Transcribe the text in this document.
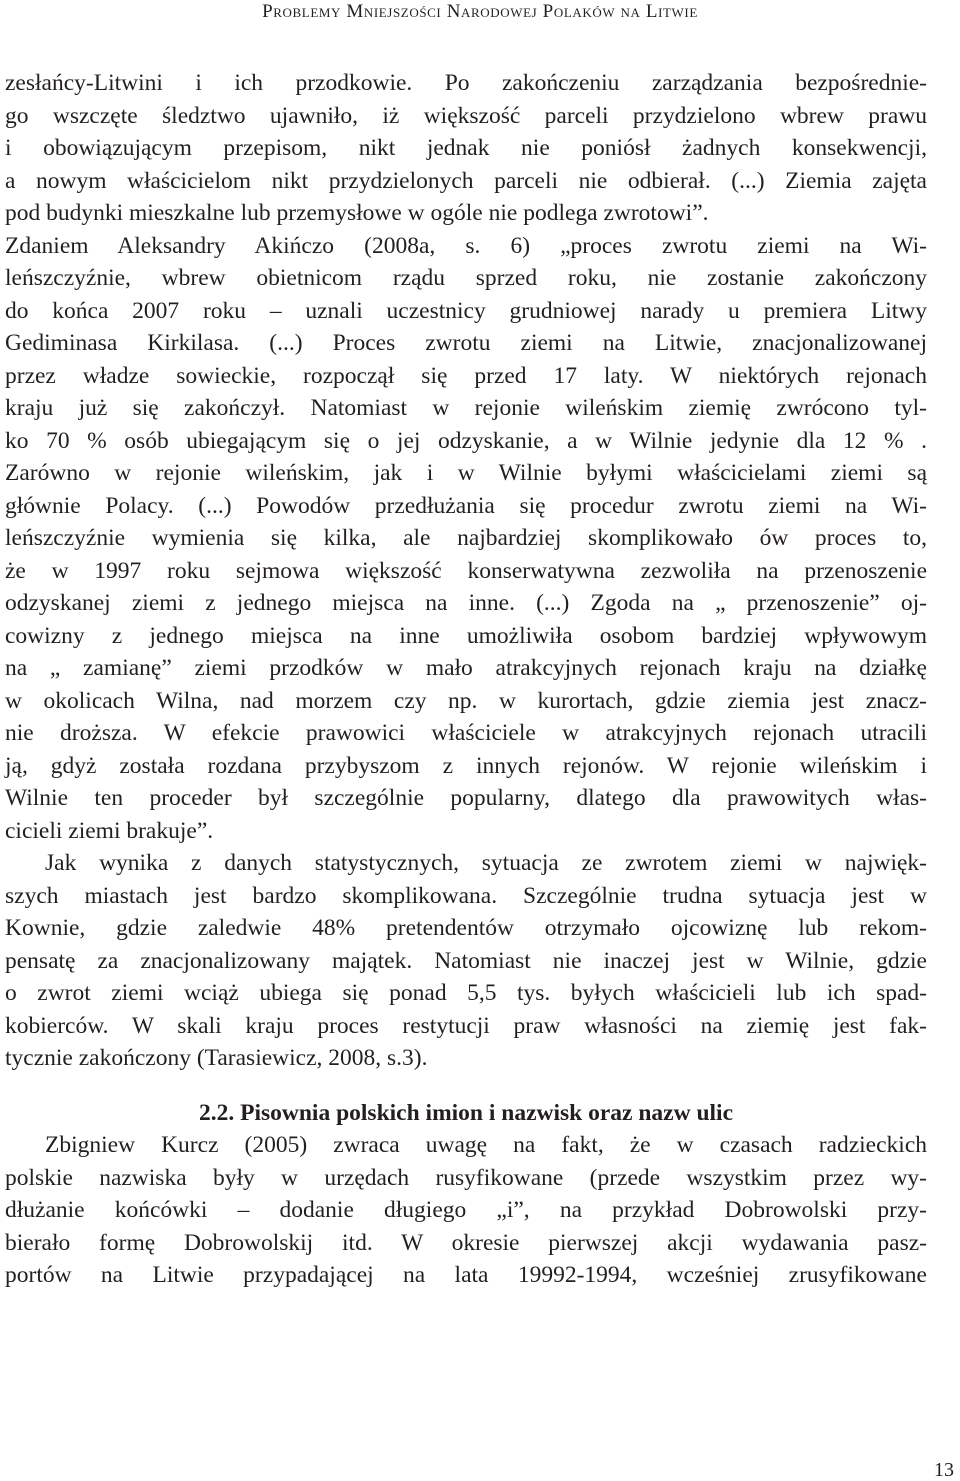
Problemy Mniejszości Narodowej Polaków na Litwie
zesłańcy-Litwini i ich przodkowie. Po zakończeniu zarządzania bezpośrednie-
go wszczęte śledztwo ujawniło, iż większość parceli przydzielono wbrew prawu
i obowiązującym przepisom, nikt jednak nie poniósł żadnych konsekwencji,
a nowym właścicielom nikt przydzielonych parceli nie odbierał. (...) Ziemia zajęta
pod budynki mieszkalne lub przemysłowe w ogóle nie podlega zwrotowi”.
Zdaniem Aleksandry Akińczo (2008a, s. 6) „proces zwrotu ziemi na Wi-
leńszczyźnie, wbrew obietnicom rządu sprzed roku, nie zostanie zakończony
do końca 2007 roku – uznali uczestnicy grudniowej narady u premiera Litwy
Gediminasa Kirkilasa. (...) Proces zwrotu ziemi na Litwie, znacjonalizowanej
przez władze sowieckie, rozpoczął się przed 17 laty. W niektórych rejonach
kraju już się zakończył. Natomiast w rejonie wileńskim ziemię zwrócono tyl-
ko 70 % osób ubiegającym się o jej odzyskanie, a w Wilnie jedynie dla 12 % .
Zarówno w rejonie wileńskim, jak i w Wilnie byłymi właścicielami ziemi są
głównie Polacy. (...) Powodów przedłużania się procedur zwrotu ziemi na Wi-
leńszczyźnie wymienia się kilka, ale najbardziej skomplikowało ów proces to,
że w 1997 roku sejmowa większość konserwatywna zezwoliła na przenoszenie
odzyskanej ziemi z jednego miejsca na inne. (...) Zgoda na „ przenoszenie” oj-
cowizny z jednego miejsca na inne umożliwiła osobom bardziej wpływowym
na „ zamianę” ziemi przodków w mało atrakcyjnych rejonach kraju na działkę
w okolicach Wilna, nad morzem czy np. w kurortach, gdzie ziemia jest znacz-
nie droższa. W efekcie prawowici właściciele w atrakcyjnych rejonach utracili
ją, gdyż została rozdana przybyszom z innych rejonów. W rejonie wileńskim i
Wilnie ten proceder był szczególnie popularny, dlatego dla prawowitych włas-
cicieli ziemi brakuje”.
Jak wynika z danych statystycznych, sytuacja ze zwrotem ziemi w najwięk-
szych miastach jest bardzo skomplikowana. Szczególnie trudna sytuacja jest w
Kownie, gdzie zaledwie 48% pretendentów otrzymało ojcowiznę lub rekom-
pensatę za znacjonalizowany majątek. Natomiast nie inaczej jest w Wilnie, gdzie
o zwrot ziemi wciąż ubiega się ponad 5,5 tys. byłych właścicieli lub ich spad-
kobierców. W skali kraju proces restytucji praw własności na ziemię jest fak-
tycznie zakończony (Tarasiewicz, 2008, s.3).
2.2. Pisownia polskich imion i nazwisk oraz nazw ulic
Zbigniew Kurcz (2005) zwraca uwagę na fakt, że w czasach radzieckich
polskie nazwiska były w urzędach rusyfikowane (przede wszystkim przez wy-
dłużanie końcówki – dodanie długiego „i”, na przykład Dobrowolski przy-
bierało formę Dobrowolskij itd. W okresie pierwszej akcji wydawania pasz-
portów na Litwie przypadającej na lata 19992-1994, wcześniej zrusyfikowane
13
